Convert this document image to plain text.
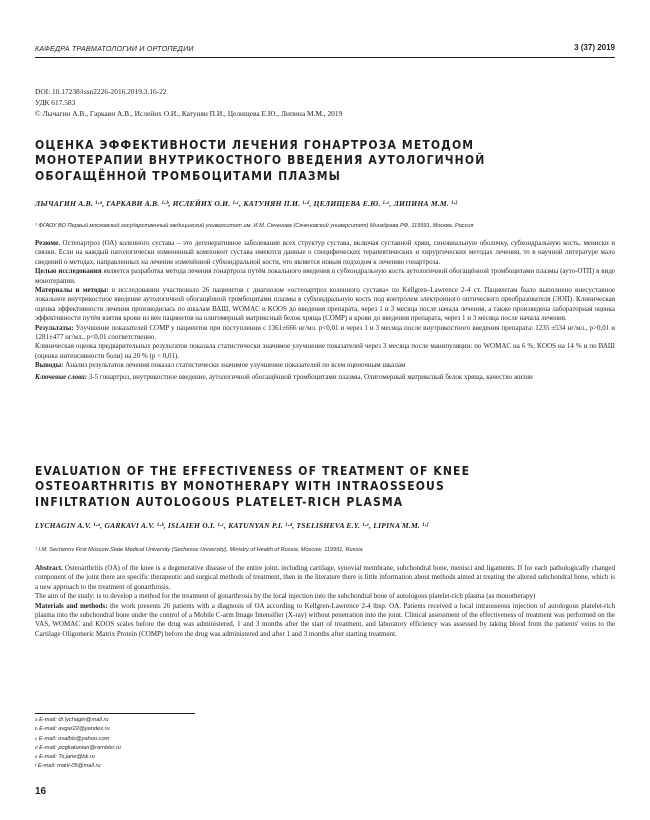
КАФЕДРА ТРАВМАТОЛОГИИ И ОРТОПЕДИИ	3 (37) 2019
DOI: 10.17238/issn2226-2016.2019.3.16-22
УДК 617.583
© Лычагин А.В., Гаркави А.В., Ислейих О.И., Катунян П.И., Целищева Е.Ю., Липина М.М., 2019
ОЦЕНКА ЭФФЕКТИВНОСТИ ЛЕЧЕНИЯ ГОНАРТРОЗА МЕТОДОМ
МОНОТЕРАПИИ ВНУТРИКОСТНОГО ВВЕДЕНИЯ АУТОЛОГИЧНОЙ
ОБОГАЩЁННОЙ ТРОМБОЦИТАМИ ПЛАЗМЫ
ЛЫЧАГИН А.В. ¹·ᵃ, ГАРКАВИ А.В. ¹·ᵇ, ИСЛЕЙИХ О.И. ¹·ᶜ, КАТУНЯН П.И. ¹·ᵈ, ЦЕЛИЩЕВА Е.Ю. ¹·ᵉ, ЛИПИНА М.М. ¹·ᶠ
¹ ФГАОУ ВО Первый московский государственный медицинский университет им. И.М. Сеченова (Сеченовский университет) Минздрава РФ, 119991, Москва, Россия

Резюме. Остеоартроз (ОА) коленного сустава – это дегенеративное заболевание всех структур сустава, включая суставной хрящ, синовиальную оболочку, субхондральную кость, мениски и связки. Если на каждый патологически измененный компонент сустава имеются данные о специфических терапевтических и хирургических методах лечения, то в научной литературе мало сведений о методах, направленных на лечение изменённой субхондральной кости, что является новым подходом к лечению гонартроза.

Целью исследования является разработка метода лечения гонартроза путём локального введения в субхондральную кость аутологичной обогащённой тромбоцитами плазмы (ауто-ОТП) в виде монотерапии.

Материалы и методы: в исследовании участвовало 26 пациентов с диагнозом «остеоартроз коленного сустава» по Kellgren–Lawrence 2-4 ст. Пациентам было выполнено внесуставное локальное внутрикостное введение аутологичной обогащённой тромбоцитами плазмы в субхондральную кость под контролем электронного оптического преобразователя (ЭОП). Клиническая оценка эффективности лечения производилась по шкалам ВАШ, WOMAC и KOOS до введения препарата, через 1 и 3 месяца после начала лечения, а также произведена лабораторная оценка эффективности путём взятия крови из вен пациентов на олигомерный матриксный белок хряща (COMP) в крови до введения препарата, через 1 и 3 месяца после начала лечения.

Результаты: Улучшение показателей COMP у пациентов при поступлении с 1361±666 нг/мл. р<0,01 и через 1 и 3 месяца после внутрикостного введения препарата: 1235 ±534 нг/мл., р>0,01 и 1281±477 нг/мл., р<0,01 соответственно.

Клиническая оценка предварительных результатов показала статистически значимое улучшение показателей через 3 месяца после манипуляции: по WOMAC на 6 %, KOOS на 14 % и по ВАШ (оценка интенсивности боли) на 20 % (p < 0,01).

Выводы: Анализ результатов лечения показал статистически значимое улучшение показателей по всем оценочным шкалам

Ключевые слова: 3-5 гонартроз, внутрикостное введение, аутологичной обогащённой тромбоцитами плазмы, Олигомерный матриксный белок хряща, качество жизни

EVALUATION OF THE EFFECTIVENESS OF TREATMENT OF KNEE
OSTEOARTHRITIS BY MONOTHERAPY WITH INTRAOSSEOUS
INFILTRATION AUTOLOGOUS PLATELET-RICH PLASMA
LYCHAGIN A.V. ¹·ᵃ, GARKAVI A.V. ¹·ᵇ, ISLAIEH O.I. ¹·ᶜ, KATUNYAN P.I. ¹·ᵈ, TSELISHEVA E.Y. ¹·ᵉ, LIPINA M.M. ¹·ᶠ
¹ I.M. Sechenov First Moscow State Medical University (Sechenov University), Ministry of Health of Russia, Moscow, 119991, Russia

Abstract. Osteoarthritis (OA) of the knee is a degenerative disease of the entire joint, including cartilage, synovial membrane, subchondral bone, menisci and ligaments. If for each pathologically changed component of the joint there are specific therapeutic and surgical methods of treatment, then in the literature there is little information about methods aimed at treating the altered subchondral bone, which is a new approach to the treatment of gonarthrosis.

The aim of the study: is to develop a method for the treatment of gonarthrosis by the local injection into the subchondral bone of autologous platelet-rich plasma (as monotherapy)

Materials and methods: the work presents 26 patients with a diagnosis of OA according to Kellgren-Lawrence 2-4 tbsp. OA. Patients received a local intraosseous injection of autologous platelet-rich plasma into the subchondral bone under the control of a Mobile C-arm Image Intensifier (X-ray) without penetration into the joint. Clinical assessment of the effectiveness of treatment was performed on the VAS, WOMAC and KOOS scales before the drug was administered, 1 and 3 months after the start of treatment, and laboratory efficiency was assessed by taking blood from the patients' veins to the Cartilage Oligomeric Matrix Protein (COMP) before the drug was administered and after 1 and 3 months after starting treatment.

$^a$ E-mail: dr.lychagin@mail.ru
$^b$ E-mail: avgar22@yandex.ru
$^c$ E-mail: osalbis@yahoo.com
$^d$ E-mail: pogkatunian@rambler.ru
$^e$ E-mail: Ts.jane@bk.ru
$^f$ E-mail: marli-05@mail.ru
16
